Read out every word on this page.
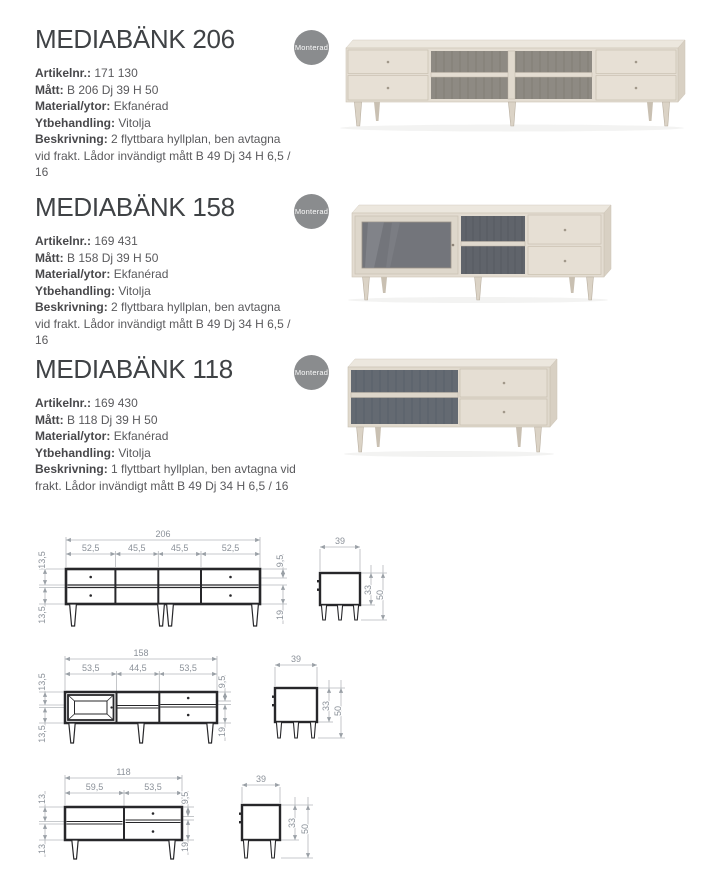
MEDIABÄNK 206

Artikelnr.: 171 130

Mått: B 206 Dj 39 H 50

Material/ytor: Ekfanérad

Ytbehandling: Vitolja

Beskrivning: 2 flyttbara hyllplan, ben avtagna vid frakt. Lådor invändigt mått B 49 Dj 34 H 6,5 / 16

Monterad
MEDIABÄNK 158

Artikelnr.: 169 431

Mått: B 158 Dj 39 H 50

Material/ytor: Ekfanérad

Ytbehandling: Vitolja

Beskrivning: 2 flyttbara hyllplan, ben avtagna vid frakt. Lådor invändigt mått B 49 Dj 34 H 6,5 / 16

Monterad
MEDIABÄNK 118

Artikelnr.: 169 430

Mått: B 118 Dj 39 H 50

Material/ytor: Ekfanérad

Ytbehandling: Vitolja

Beskrivning: 1 flyttbart hyllplan, ben avtagna vid frakt. Lådor invändigt mått B 49 Dj 34 H 6,5 / 16

Monterad
206
52,5	45,5	45,5	52,5
13,5
13,5
9,5
19
39
33 50
158
53,5	44,5	53,5
13,5
13,5
9,5
19
39
33 50
118
59,5	53,5
13
13
9,5
19
39
33
50
